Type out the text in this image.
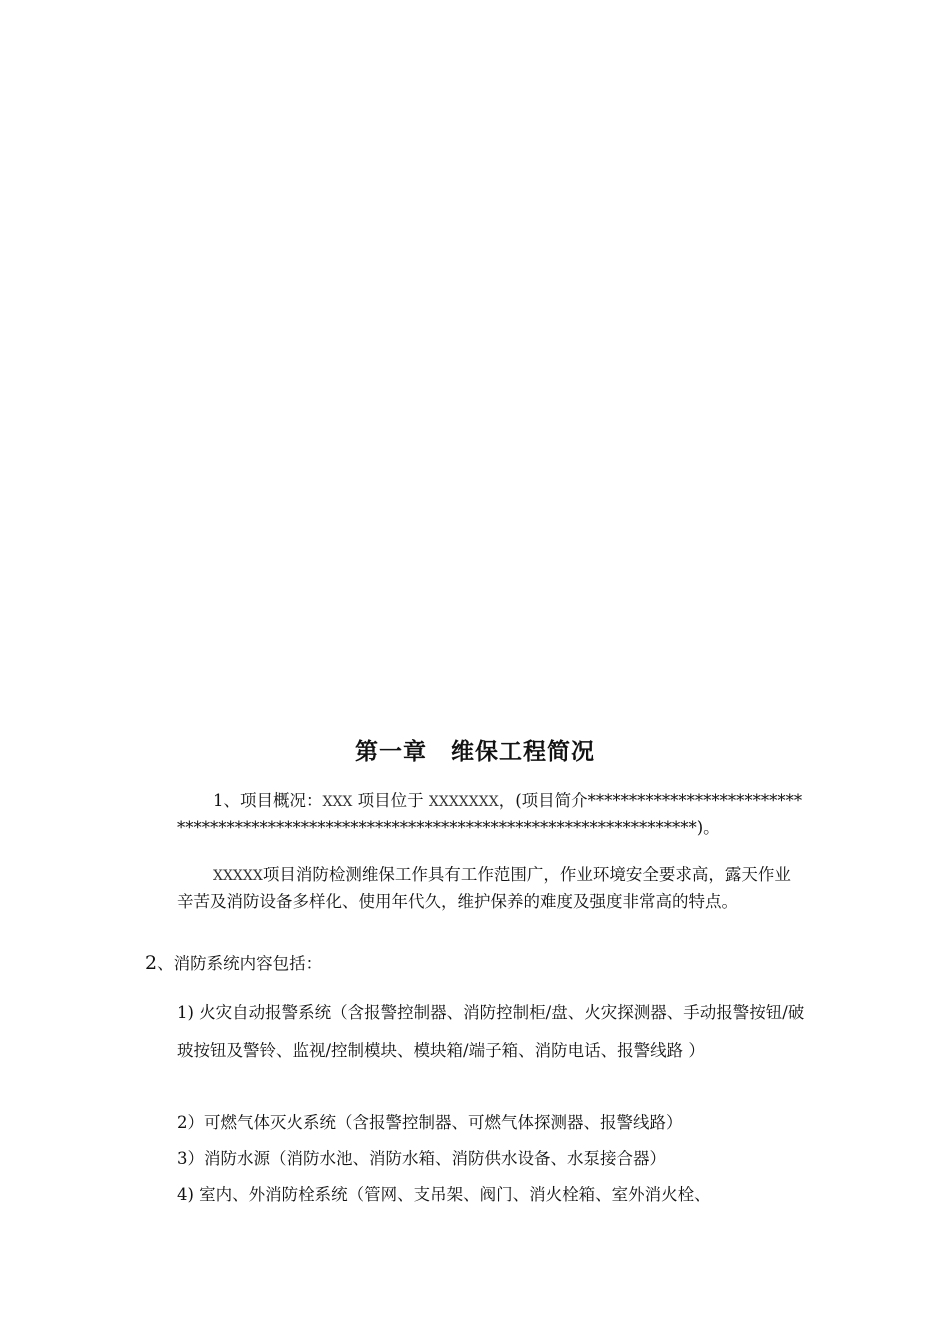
第一章　维保工程简况

1、项目概况：XXX 项目位于 XXXXXXX，(项目简介*****************************************************************************************)。

XXXXX项目消防检测维保工作具有工作范围广，作业环境安全要求高，露天作业辛苦及消防设备多样化、使用年代久，维护保养的难度及强度非常高的特点。

2、消防系统内容包括：

1) 火灾自动报警系统（含报警控制器、消防控制柜/盘、火灾探测器、手动报警按钮/破玻按钮及警铃、监视/控制模块、模块箱/端子箱、消防电话、报警线路 ）

2）可燃气体灭火系统（含报警控制器、可燃气体探测器、报警线路）

3）消防水源（消防水池、消防水箱、消防供水设备、水泵接合器）

4) 室内、外消防栓系统（管网、支吊架、阀门、消火栓箱、室外消火栓、
